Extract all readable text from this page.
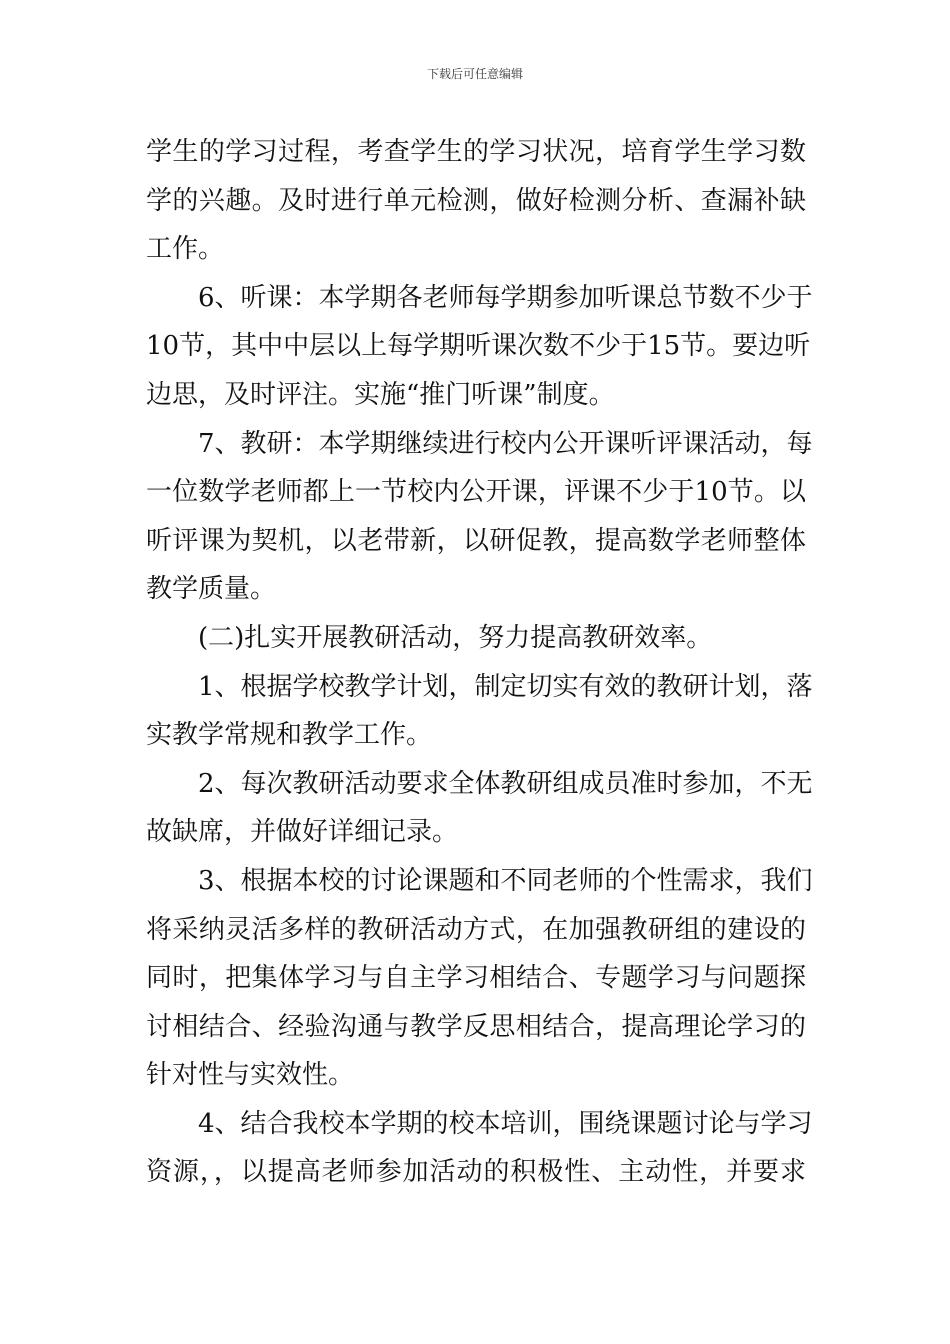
下载后可任意编辑
学生的学习过程，考查学生的学习状况，培育学生学习数
学的兴趣。及时进行单元检测，做好检测分析、查漏补缺
工作。
6、听课：本学期各老师每学期参加听课总节数不少于
10节，其中中层以上每学期听课次数不少于15节。要边听
边思，及时评注。实施“推门听课”制度。
7、教研：本学期继续进行校内公开课听评课活动，每
一位数学老师都上一节校内公开课，评课不少于10节。以
听评课为契机，以老带新，以研促教，提高数学老师整体
教学质量。
(二)扎实开展教研活动，努力提高教研效率。
1、根据学校教学计划，制定切实有效的教研计划，落
实教学常规和教学工作。
2、每次教研活动要求全体教研组成员准时参加，不无
故缺席，并做好详细记录。
3、根据本校的讨论课题和不同老师的个性需求，我们
将采纳灵活多样的教研活动方式，在加强教研组的建设的
同时，把集体学习与自主学习相结合、专题学习与问题探
讨相结合、经验沟通与教学反思相结合，提高理论学习的
针对性与实效性。
4、结合我校本学期的校本培训，围绕课题讨论与学习
资源，，以提高老师参加活动的积极性、主动性，并要求
